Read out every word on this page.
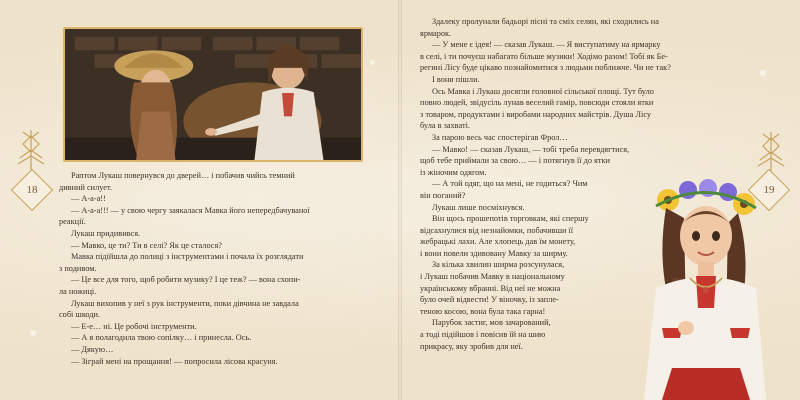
18	19

Раптом Лукаш повернувся до дверей… і побачив чийсь темний

дивний силует.

— А-а-а!!

— А-а-а!!! — у свою чергу заякалася Мавка його непередбачуваної

реакції.

Лукаш придивився.

— Мавко, це ти? Ти в селі? Як це сталося?

Мавка підійшла до полиці з інструментами і почала їх розглядати

з подивом.

— Це все для того, щоб робити музику? І це теж? — вона схопи-

ла ножиці.

Лукаш вихопив у неї з рук інструменти, поки дівчина не завдала

собі шкоди.

— Е-е… ні. Це робочі інструменти.

— А я полагодила твою сопілку… і принесла. Ось.

— Дякую…

— Зіграй мені на прощання! — попросила лісова красуня.

Здалеку пролунали бадьорі пісні та сміх селян, які сходились на

ярмарок.

— У мене є ідея! — сказав Лукаш. — Я виступатиму на ярмарку

в селі, і ти почуєш набагато більше музики! Ходімо разом! Тобі як Бе-

регині Лісу буде цікаво познайомитися з людьми поближче. Чи не так?

І вони пішли.

Ось Мавка і Лукаш досягли головної сільської площі. Тут було

повно людей, звідусіль лунав веселий гамір, повсюди стояли ятки

з товаром, продуктами і виробами народних майстрів. Душа Лісу

була в захваті.

За парою весь час спостерігав Фрол…

— Мавко! — сказав Лукаш, — тобі треба перевдягтися,

щоб тебе приймали за свою… — і потягнув її до ятки

із жіночим одягом.

— А той одяг, що на мені, не годиться? Чим

він поганий?

Лукаш лише посміхнувся.

Він щось прошепотів торговкам, які спершу

відсахнулися від незнайомки, побачивши її

жебрацькі лахи. Але хлопець дав їм монету,

і вони повели здивовану Мавку за ширму.

За кілька хвилин ширма розсунулася,

і Лукаш побачив Мавку в національному

українському вбранні. Від неї не можна

було очей відвести! У віночку, із запле-

теною косою, вона була така гарна!

Парубок застиг, мов зачарований,

а тоді підійшов і повісив їй на шию

прикрасу, яку зробив для неї.
